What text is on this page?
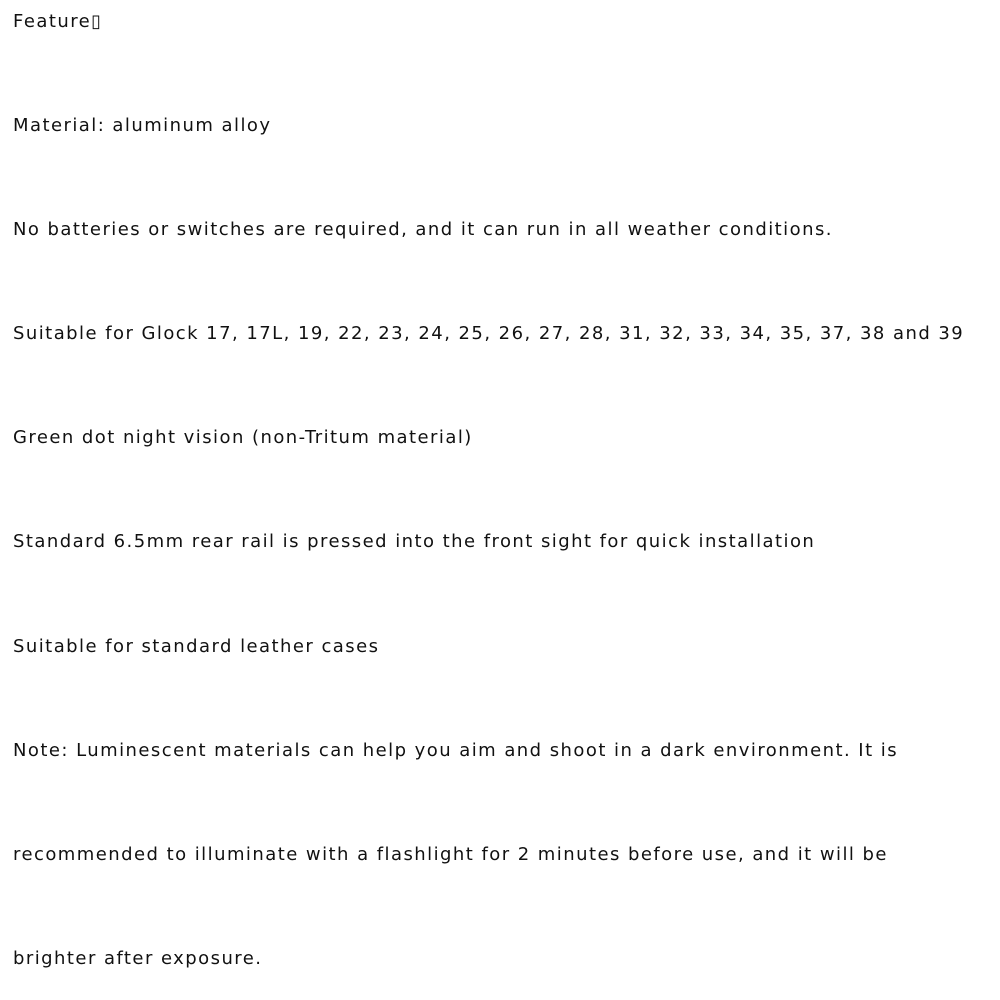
Feature▯

Material: aluminum alloy

No batteries or switches are required, and it can run in all weather conditions.

Suitable for Glock 17, 17L, 19, 22, 23, 24, 25, 26, 27, 28, 31, 32, 33, 34, 35, 37, 38 and 39

Green dot night vision (non-Tritum material)

Standard 6.5mm rear rail is pressed into the front sight for quick installation

Suitable for standard leather cases

Note: Luminescent materials can help you aim and shoot in a dark environment. It is

recommended to illuminate with a flashlight for 2 minutes before use, and it will be

brighter after exposure.
